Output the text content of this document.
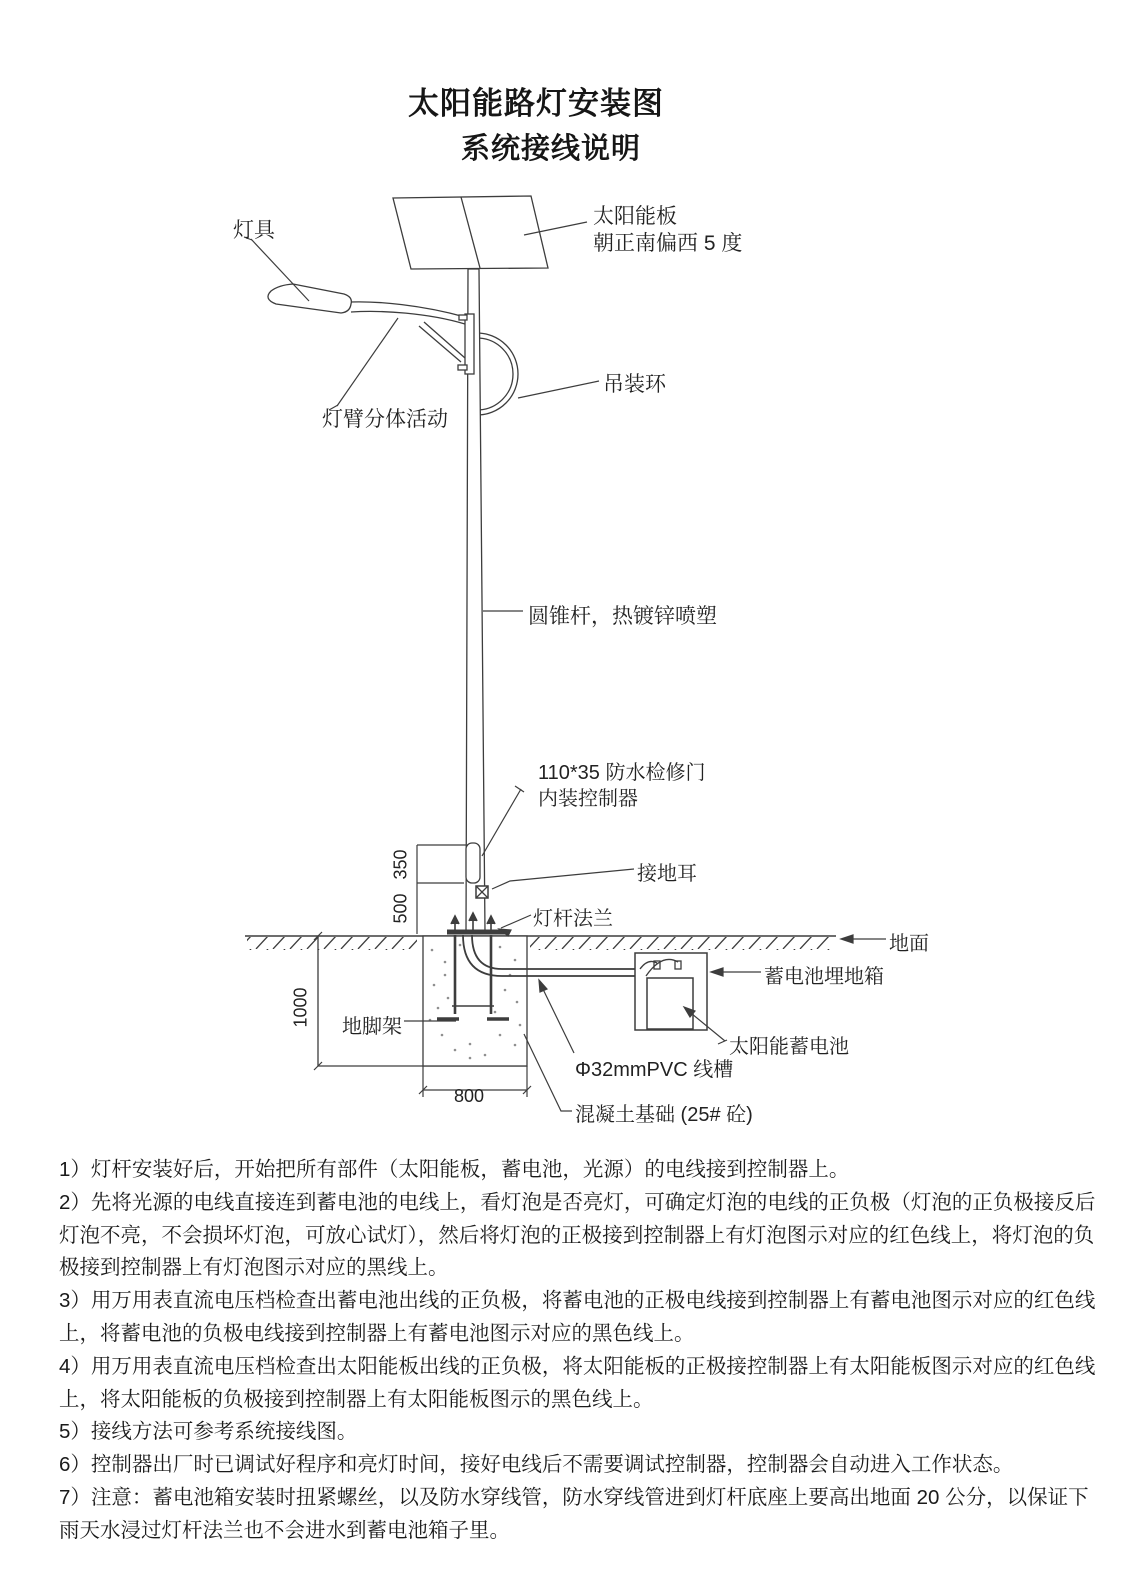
太阳能路灯安装图
系统接线说明
灯具
太阳能板
朝正南偏西 5 度
吊装环
灯臂分体活动
圆锥杆，热镀锌喷塑
110*35 防水检修门
内装控制器
接地耳
灯杆法兰
地面
蓄电池埋地箱
太阳能蓄电池
Φ32mmPVC 线槽
混凝土基础 (25# 砼)
地脚架
350
500
1000
800

1）灯杆安装好后，开始把所有部件（太阳能板，蓄电池，光源）的电线接到控制器上。

2）先将光源的电线直接连到蓄电池的电线上，看灯泡是否亮灯，可确定灯泡的电线的正负极（灯泡的正负极接反后灯泡不亮，不会损坏灯泡，可放心试灯），然后将灯泡的正极接到控制器上有灯泡图示对应的红色线上，将灯泡的负极接到控制器上有灯泡图示对应的黑线上。

3）用万用表直流电压档检查出蓄电池出线的正负极，将蓄电池的正极电线接到控制器上有蓄电池图示对应的红色线上，将蓄电池的负极电线接到控制器上有蓄电池图示对应的黑色线上。

4）用万用表直流电压档检查出太阳能板出线的正负极，将太阳能板的正极接控制器上有太阳能板图示对应的红色线上，将太阳能板的负极接到控制器上有太阳能板图示的黑色线上。

5）接线方法可参考系统接线图。

6）控制器出厂时已调试好程序和亮灯时间，接好电线后不需要调试控制器，控制器会自动进入工作状态。

7）注意：蓄电池箱安装时扭紧螺丝，以及防水穿线管，防水穿线管进到灯杆底座上要高出地面 20 公分，以保证下雨天水浸过灯杆法兰也不会进水到蓄电池箱子里。
